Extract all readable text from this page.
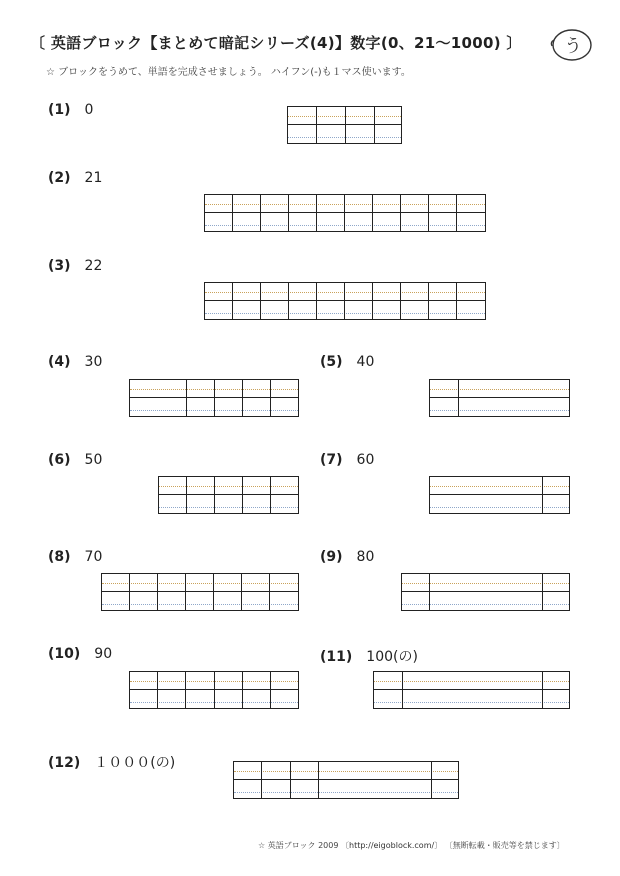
〔 英語ブロック【まとめて暗記シリーズ(4)】数字(0、21～1000) 〕 う
☆ ブロックをうめて、単語を完成させましょう。 ハイフン(-)も１マス使います。
(1) 0
(2) 21
(3) 22
(4) 30	(5) 40
(6) 50	(7) 60
(8) 70	(9) 80
(10) 90	(11) 100(の)
(12) １０００(の)
☆ 英語ブロック 2009 〔http://eigoblock.com/〕 〔無断転載・販売等を禁じます〕
